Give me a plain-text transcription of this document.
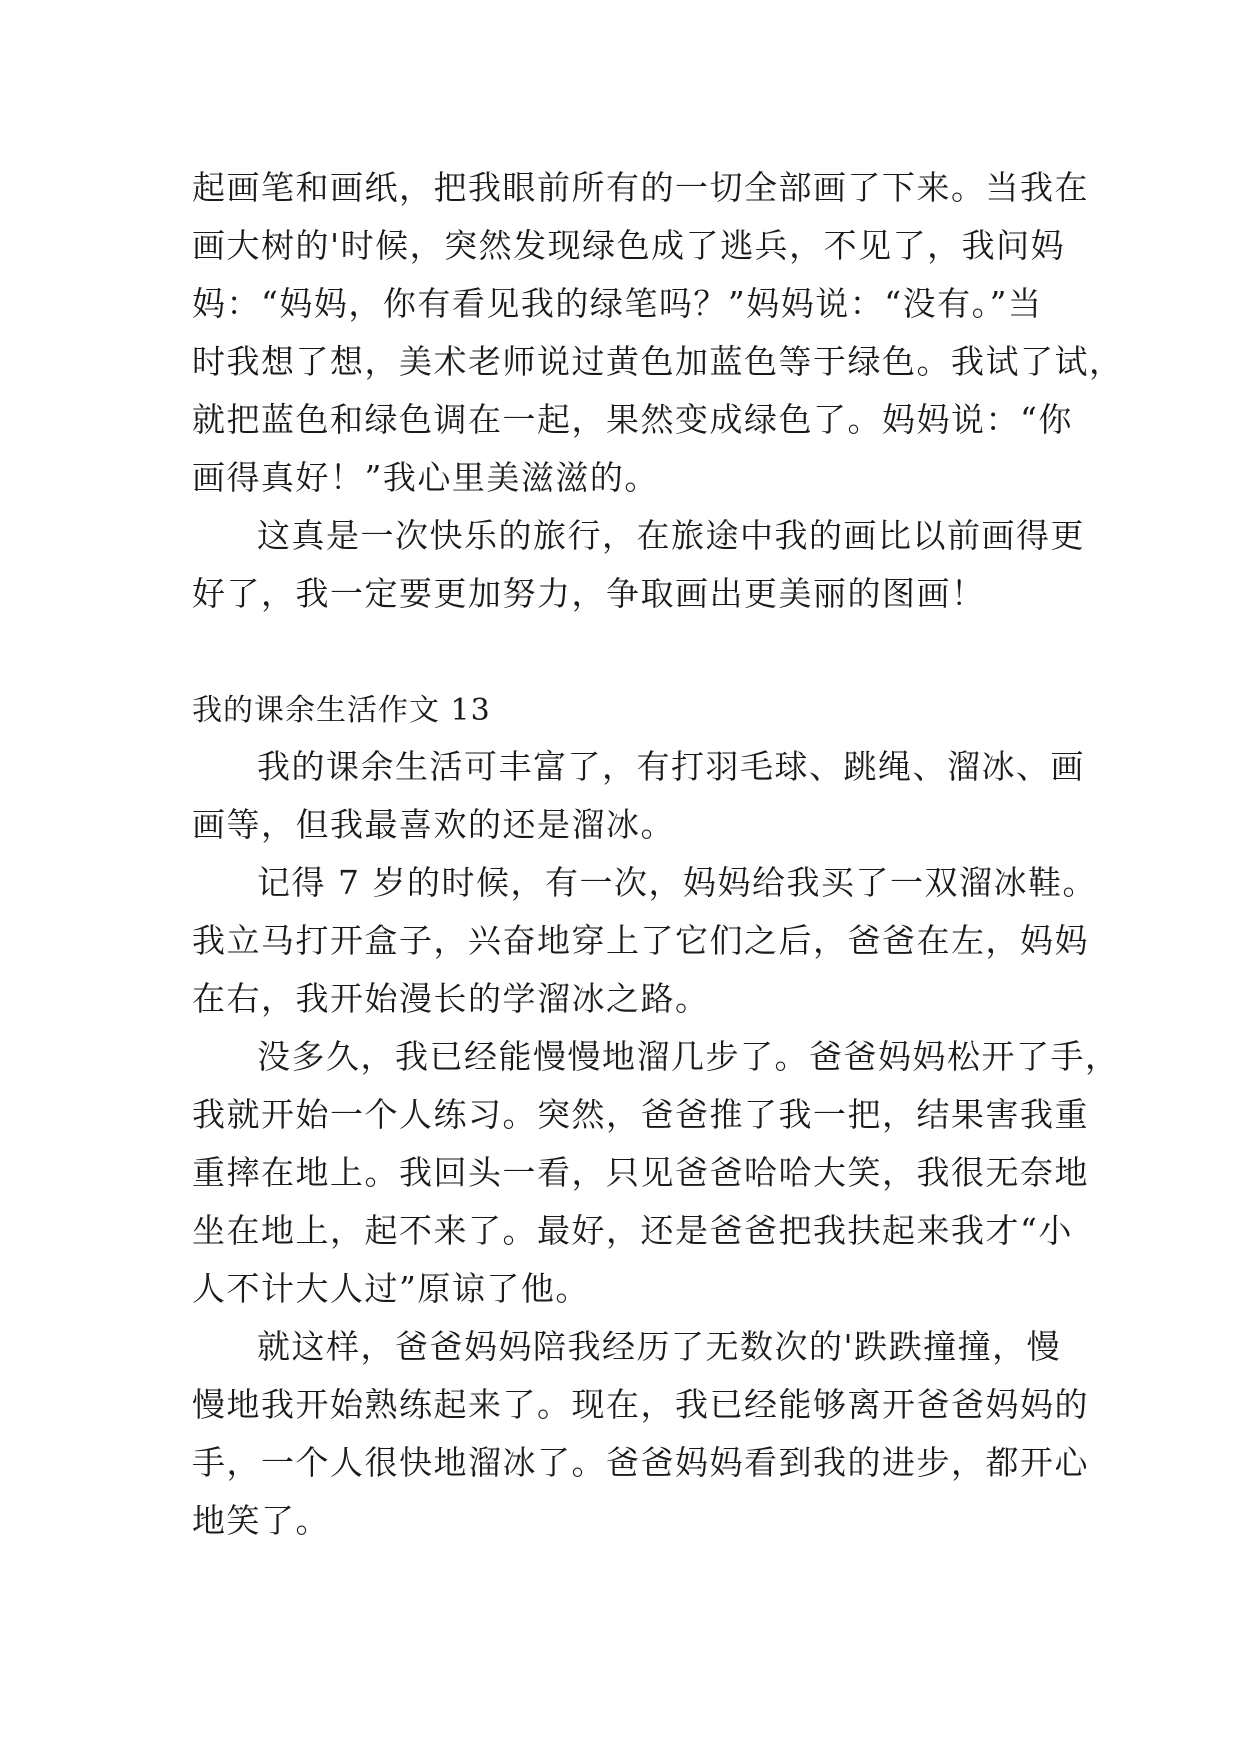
起画笔和画纸，把我眼前所有的一切全部画了下来。当我在
画大树的'时候，突然发现绿色成了逃兵，不见了，我问妈
妈：“妈妈，你有看见我的绿笔吗？”妈妈说：“没有。”当
时我想了想，美术老师说过黄色加蓝色等于绿色。我试了试，
就把蓝色和绿色调在一起，果然变成绿色了。妈妈说：“你
画得真好！”我心里美滋滋的。
这真是一次快乐的旅行，在旅途中我的画比以前画得更
好了，我一定要更加努力，争取画出更美丽的图画！
我的课余生活作文 13
我的课余生活可丰富了，有打羽毛球、跳绳、溜冰、画
画等，但我最喜欢的还是溜冰。
记得 7 岁的时候，有一次，妈妈给我买了一双溜冰鞋。
我立马打开盒子，兴奋地穿上了它们之后，爸爸在左，妈妈
在右，我开始漫长的学溜冰之路。
没多久，我已经能慢慢地溜几步了。爸爸妈妈松开了手，
我就开始一个人练习。突然，爸爸推了我一把，结果害我重
重摔在地上。我回头一看，只见爸爸哈哈大笑，我很无奈地
坐在地上，起不来了。最好，还是爸爸把我扶起来我才“小
人不计大人过”原谅了他。
就这样，爸爸妈妈陪我经历了无数次的'跌跌撞撞，慢
慢地我开始熟练起来了。现在，我已经能够离开爸爸妈妈的
手，一个人很快地溜冰了。爸爸妈妈看到我的进步，都开心
地笑了。
